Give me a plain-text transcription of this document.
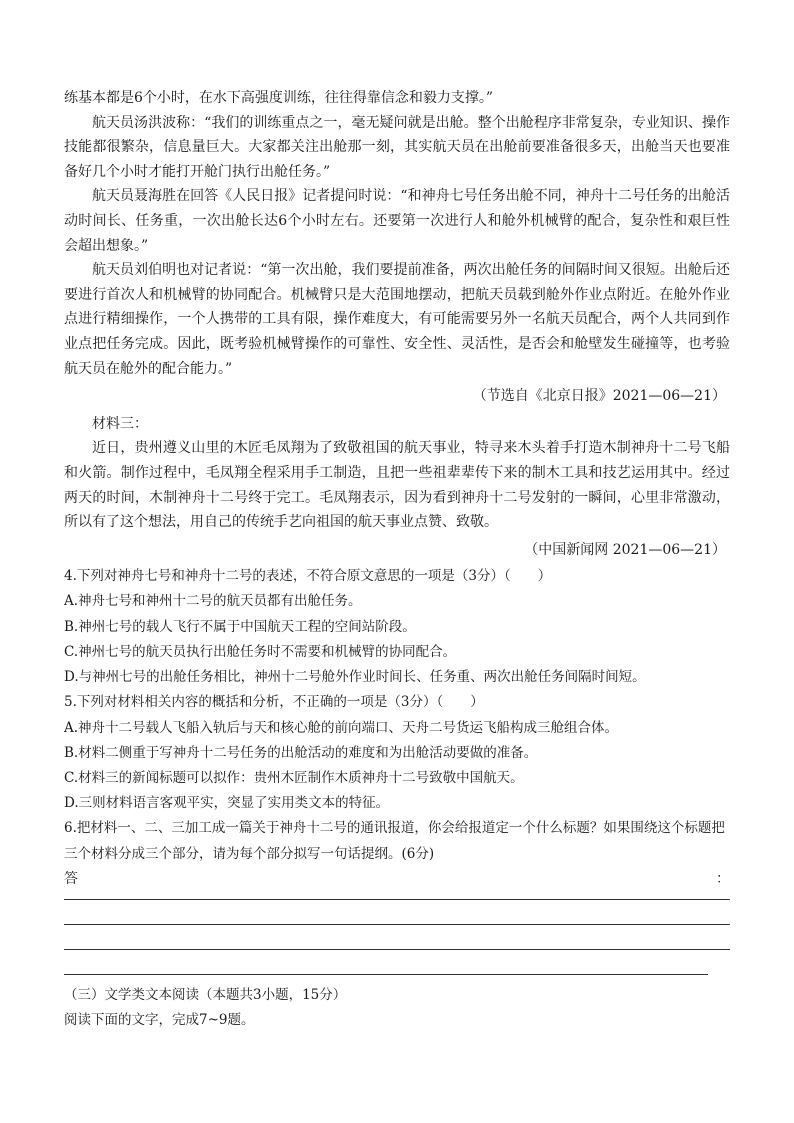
练基本都是6个小时，在水下高强度训练，往往得靠信念和毅力支撑。”

航天员汤洪波称：“我们的训练重点之一，毫无疑问就是出舱。整个出舱程序非常复杂，专业知识、操作技能都很繁杂，信息量巨大。大家都关注出舱那一刻，其实航天员在出舱前要准备很多天，出舱当天也要准备好几个小时才能打开舱门执行出舱任务。”

航天员聂海胜在回答《人民日报》记者提问时说：“和神舟七号任务出舱不同，神舟十二号任务的出舱活动时间长、任务重，一次出舱长达6个小时左右。还要第一次进行人和舱外机械臂的配合，复杂性和艰巨性会超出想象。”

航天员刘伯明也对记者说：“第一次出舱，我们要提前准备，两次出舱任务的间隔时间又很短。出舱后还要进行首次人和机械臂的协同配合。机械臂只是大范围地摆动，把航天员载到舱外作业点附近。在舱外作业点进行精细操作，一个人携带的工具有限，操作难度大，有可能需要另外一名航天员配合，两个人共同到作业点把任务完成。因此，既考验机械臂操作的可靠性、安全性、灵活性，是否会和舱壁发生碰撞等，也考验航天员在舱外的配合能力。”

（节选自《北京日报》2021—06—21）

材料三：

近日，贵州遵义山里的木匠毛凤翔为了致敬祖国的航天事业，特寻来木头着手打造木制神舟十二号飞船和火箭。制作过程中，毛凤翔全程采用手工制造，且把一些祖辈辈传下来的制木工具和技艺运用其中。经过两天的时间，木制神舟十二号终于完工。毛凤翔表示，因为看到神舟十二号发射的一瞬间，心里非常激动，所以有了这个想法，用自己的传统手艺向祖国的航天事业点赞、致敬。

（中国新闻网 2021—06—21）

4.下列对神舟七号和神舟十二号的表述，不符合原文意思的一项是（3分）（　　）

A.神舟七号和神州十二号的航天员都有出舱任务。

B.神州七号的载人飞行不属于中国航天工程的空间站阶段。

C.神州七号的航天员执行出舱任务时不需要和机械臂的协同配合。

D.与神州七号的出舱任务相比，神州十二号舱外作业时间长、任务重、两次出舱任务间隔时间短。

5.下列对材料相关内容的概括和分析，不正确的一项是（3分）（　　）

A.神舟十二号载人飞船入轨后与天和核心舱的前向端口、天舟二号货运飞船构成三舱组合体。

B.材料二侧重于写神舟十二号任务的出舱活动的难度和为出舱活动要做的准备。

C.材料三的新闻标题可以拟作：贵州木匠制作木质神舟十二号致敬中国航天。

D.三则材料语言客观平实，突显了实用类文本的特征。

6.把材料一、二、三加工成一篇关于神舟十二号的通讯报道，你会给报道定一个什么标题？如果围绕这个标题把三个材料分成三个部分，请为每个部分拟写一句话提纲。(6分)

答	：

（三）文学类文本阅读（本题共3小题，15分）

阅读下面的文字，完成7~9题。
